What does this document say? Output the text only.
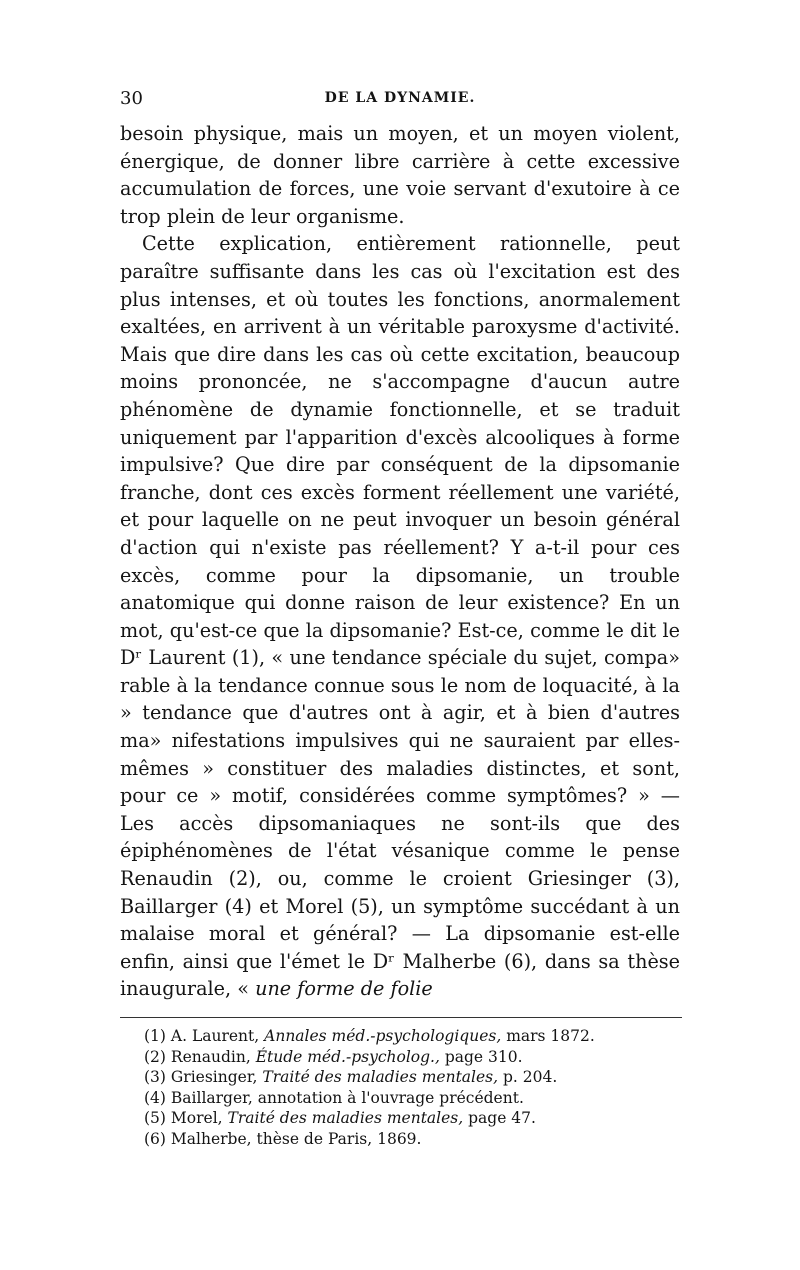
30	DE LA DYNAMIE.

besoin physique, mais un moyen, et un moyen violent, énergique, de donner libre carrière à cette excessive accumulation de forces, une voie servant d'exutoire à ce trop plein de leur organisme.

Cette explication, entièrement rationnelle, peut paraître suffisante dans les cas où l'excitation est des plus intenses, et où toutes les fonctions, anormalement exaltées, en arrivent à un véritable paroxysme d'activité. Mais que dire dans les cas où cette excitation, beaucoup moins prononcée, ne s'accompagne d'aucun autre phénomène de dynamie fonctionnelle, et se traduit uniquement par l'apparition d'excès alcooliques à forme impulsive? Que dire par conséquent de la dipsomanie franche, dont ces excès forment réellement une variété, et pour laquelle on ne peut invoquer un besoin général d'action qui n'existe pas réellement? Y a-t-il pour ces excès, comme pour la dipsomanie, un trouble anatomique qui donne raison de leur existence? En un mot, qu'est-ce que la dipsomanie? Est-ce, comme le dit le Dʳ Laurent (1), « une tendance spéciale du sujet, compa» rable à la tendance connue sous le nom de loquacité, à la » tendance que d'autres ont à agir, et à bien d'autres ma» nifestations impulsives qui ne sauraient par elles-mêmes » constituer des maladies distinctes, et sont, pour ce » motif, considérées comme symptômes? » — Les accès dipsomaniaques ne sont-ils que des épiphénomènes de l'état vésanique comme le pense Renaudin (2), ou, comme le croient Griesinger (3), Baillarger (4) et Morel (5), un symptôme succédant à un malaise moral et général? — La dipsomanie est-elle enfin, ainsi que l'émet le Dʳ Malherbe (6), dans sa thèse inaugurale, « une forme de folie

(1) A. Laurent, Annales méd.-psychologiques, mars 1872.
(2) Renaudin, Étude méd.-psycholog., page 310.
(3) Griesinger, Traité des maladies mentales, p. 204.
(4) Baillarger, annotation à l'ouvrage précédent.
(5) Morel, Traité des maladies mentales, page 47.
(6) Malherbe, thèse de Paris, 1869.
